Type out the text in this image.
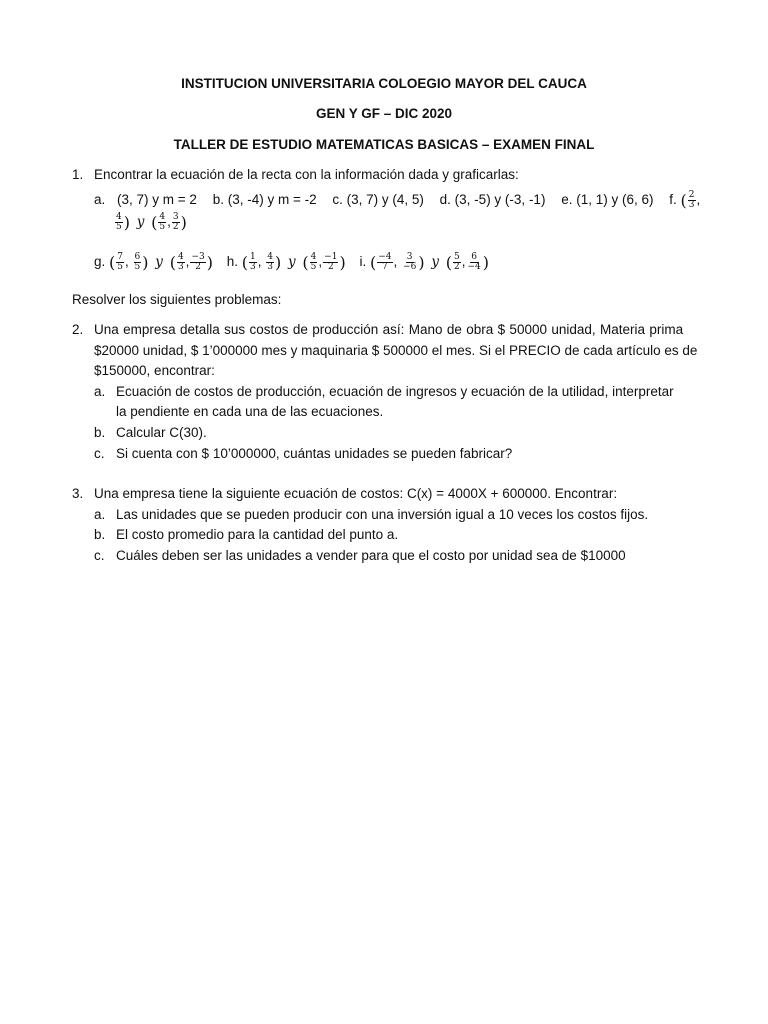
INSTITUCION UNIVERSITARIA COLOEGIO MAYOR DEL CAUCA
GEN Y GF – DIC 2020
TALLER DE ESTUDIO MATEMATICAS BASICAS – EXAMEN FINAL
1. Encontrar la ecuación de la recta con la información dada y graficarlas:
a. (3, 7) y m = 2 b. (3, -4) y m = -2 c. (3, 7) y (4, 5) d. (3, -5) y (-3, -1) e. (1, 1) y (6, 6) f. ( $\frac{2}{3}$ ,
$\frac{4}{5}$ ) y ( $\frac{4}{5}$ , $\frac{3}{2}$ )
g. ( $\frac{7}{5}$ , $\frac{6}{5}$ ) y ( $\frac{4}{3}$ , $\frac{-3}{2}$ ) h. ( $\frac{1}{3}$ , $\frac{4}{3}$ ) y ( $\frac{4}{5}$ , $\frac{-1}{2}$ ) i. ( $\frac{-4}{7}$ , $\frac{3}{-6}$ ) y ( $\frac{5}{2}$ , $\frac{6}{-4}$ )
Resolver los siguientes problemas:
2. Una empresa detalla sus costos de producción así: Mano de obra $ 50000 unidad, Materia prima
$20000 unidad, $ 1’000000 mes y maquinaria $ 500000 el mes. Si el PRECIO de cada artículo es de
$150000, encontrar:
a. Ecuación de costos de producción, ecuación de ingresos y ecuación de la utilidad, interpretar
la pendiente en cada una de las ecuaciones.
b. Calcular C(30).
c. Si cuenta con $ 10’000000, cuántas unidades se pueden fabricar?
3. Una empresa tiene la siguiente ecuación de costos: C(x) = 4000X + 600000. Encontrar:
a. Las unidades que se pueden producir con una inversión igual a 10 veces los costos fijos.
b. El costo promedio para la cantidad del punto a.
c. Cuáles deben ser las unidades a vender para que el costo por unidad sea de $10000
